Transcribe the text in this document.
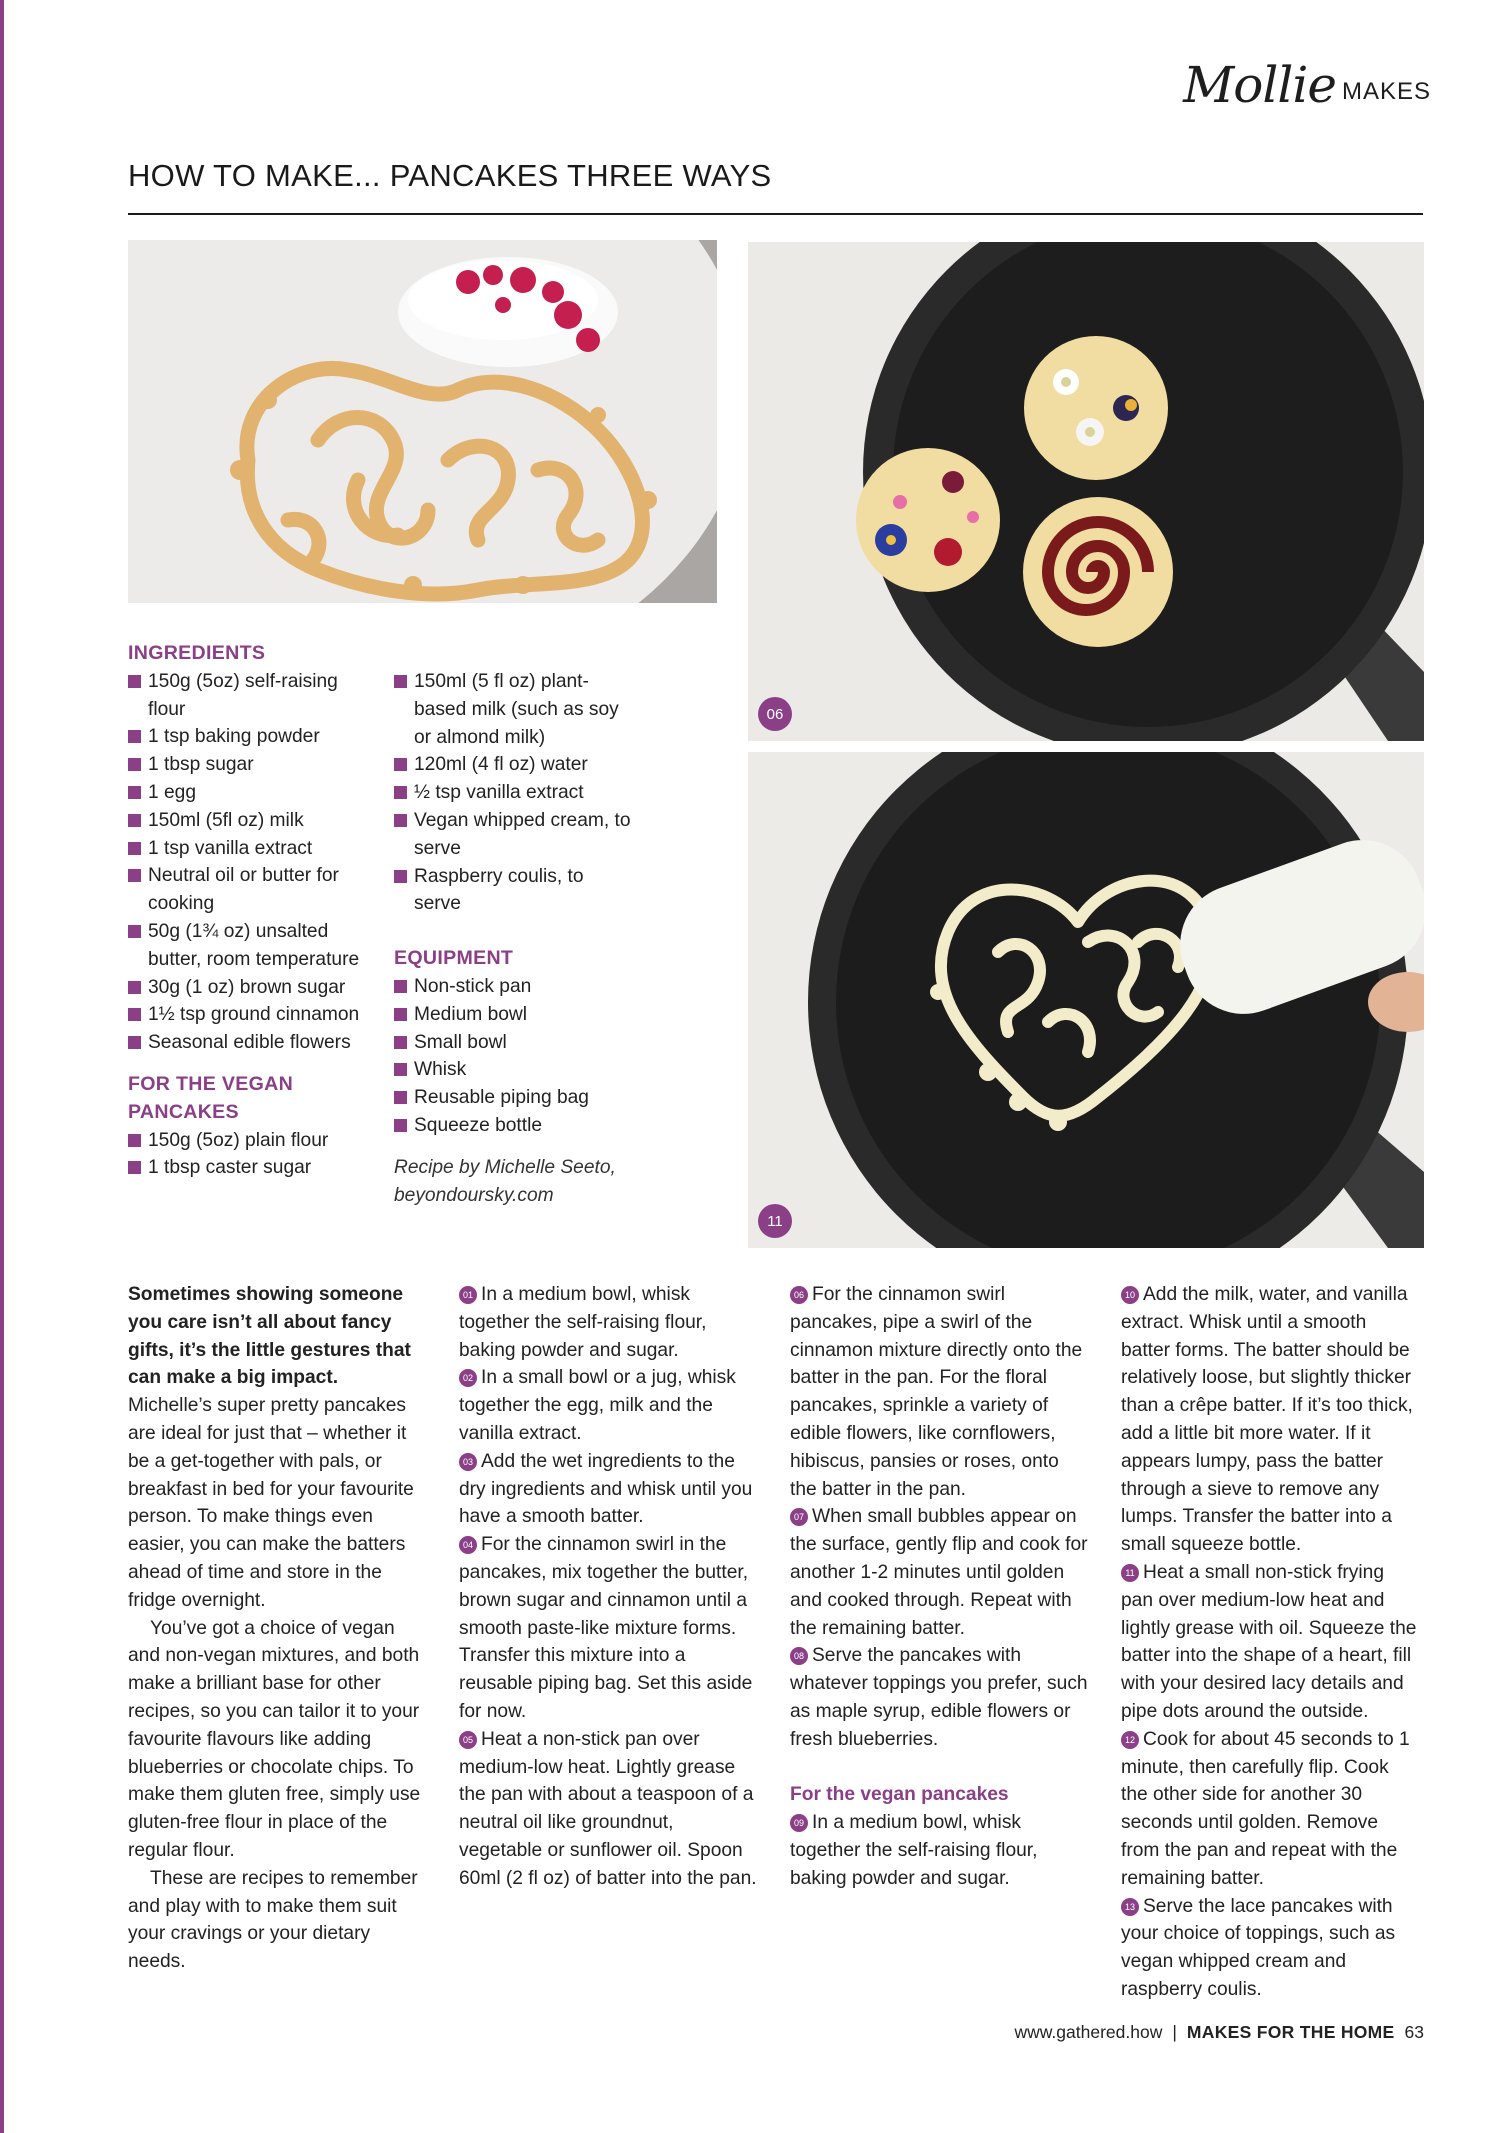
Mollie MAKES
HOW TO MAKE... PANCAKES THREE WAYS
06
11
INGREDIENTS
150g (5oz) self-raising flour
1 tsp baking powder
1 tbsp sugar
1 egg
150ml (5fl oz) milk
1 tsp vanilla extract
Neutral oil or butter for cooking
50g (1¾ oz) unsalted butter, room temperature
30g (1 oz) brown sugar
1½ tsp ground cinnamon
Seasonal edible flowers
FOR THE VEGAN PANCAKES
150g (5oz) plain flour
1 tbsp caster sugar
150ml (5 fl oz) plant-based milk (such as soy or almond milk)
120ml (4 fl oz) water
½ tsp vanilla extract
Vegan whipped cream, to serve
Raspberry coulis, to serve
EQUIPMENT
Non-stick pan
Medium bowl
Small bowl
Whisk
Reusable piping bag
Squeeze bottle
Recipe by Michelle Seeto,
beyondoursky.com

Sometimes showing someone you care isn’t all about fancy gifts, it’s the little gestures that can make a big impact. Michelle’s super pretty pancakes are ideal for just that – whether it be a get-together with pals, or breakfast in bed for your favourite person. To make things even easier, you can make the batters ahead of time and store in the fridge overnight.

You’ve got a choice of vegan and non-vegan mixtures, and both make a brilliant base for other recipes, so you can tailor it to your favourite flavours like adding blueberries or chocolate chips. To make them gluten free, simply use gluten-free flour in place of the regular flour.

These are recipes to remember and play with to make them suit your cravings or your dietary needs.

01 In a medium bowl, whisk together the self-raising flour, baking powder and sugar.

02 In a small bowl or a jug, whisk together the egg, milk and the vanilla extract.

03 Add the wet ingredients to the dry ingredients and whisk until you have a smooth batter.

04 For the cinnamon swirl in the pancakes, mix together the butter, brown sugar and cinnamon until a smooth paste-like mixture forms. Transfer this mixture into a reusable piping bag. Set this aside for now.

05 Heat a non-stick pan over medium-low heat. Lightly grease the pan with about a teaspoon of a neutral oil like groundnut, vegetable or sunflower oil. Spoon 60ml (2 fl oz) of batter into the pan.

06 For the cinnamon swirl pancakes, pipe a swirl of the cinnamon mixture directly onto the batter in the pan. For the floral pancakes, sprinkle a variety of edible flowers, like cornflowers, hibiscus, pansies or roses, onto the batter in the pan.

07 When small bubbles appear on the surface, gently flip and cook for another 1-2 minutes until golden and cooked through. Repeat with the remaining batter.

08 Serve the pancakes with whatever toppings you prefer, such as maple syrup, edible flowers or fresh blueberries.

For the vegan pancakes

09 In a medium bowl, whisk together the self-raising flour, baking powder and sugar.

10 Add the milk, water, and vanilla extract. Whisk until a smooth batter forms. The batter should be relatively loose, but slightly thicker than a crêpe batter. If it’s too thick, add a little bit more water. If it appears lumpy, pass the batter through a sieve to remove any lumps. Transfer the batter into a small squeeze bottle.

11 Heat a small non-stick frying pan over medium-low heat and lightly grease with oil. Squeeze the batter into the shape of a heart, fill with your desired lacy details and pipe dots around the outside.

12 Cook for about 45 seconds to 1 minute, then carefully flip. Cook the other side for another 30 seconds until golden. Remove from the pan and repeat with the remaining batter.

13 Serve the lace pancakes with your choice of toppings, such as vegan whipped cream and raspberry coulis.

www.gathered.how | MAKES FOR THE HOME 63
